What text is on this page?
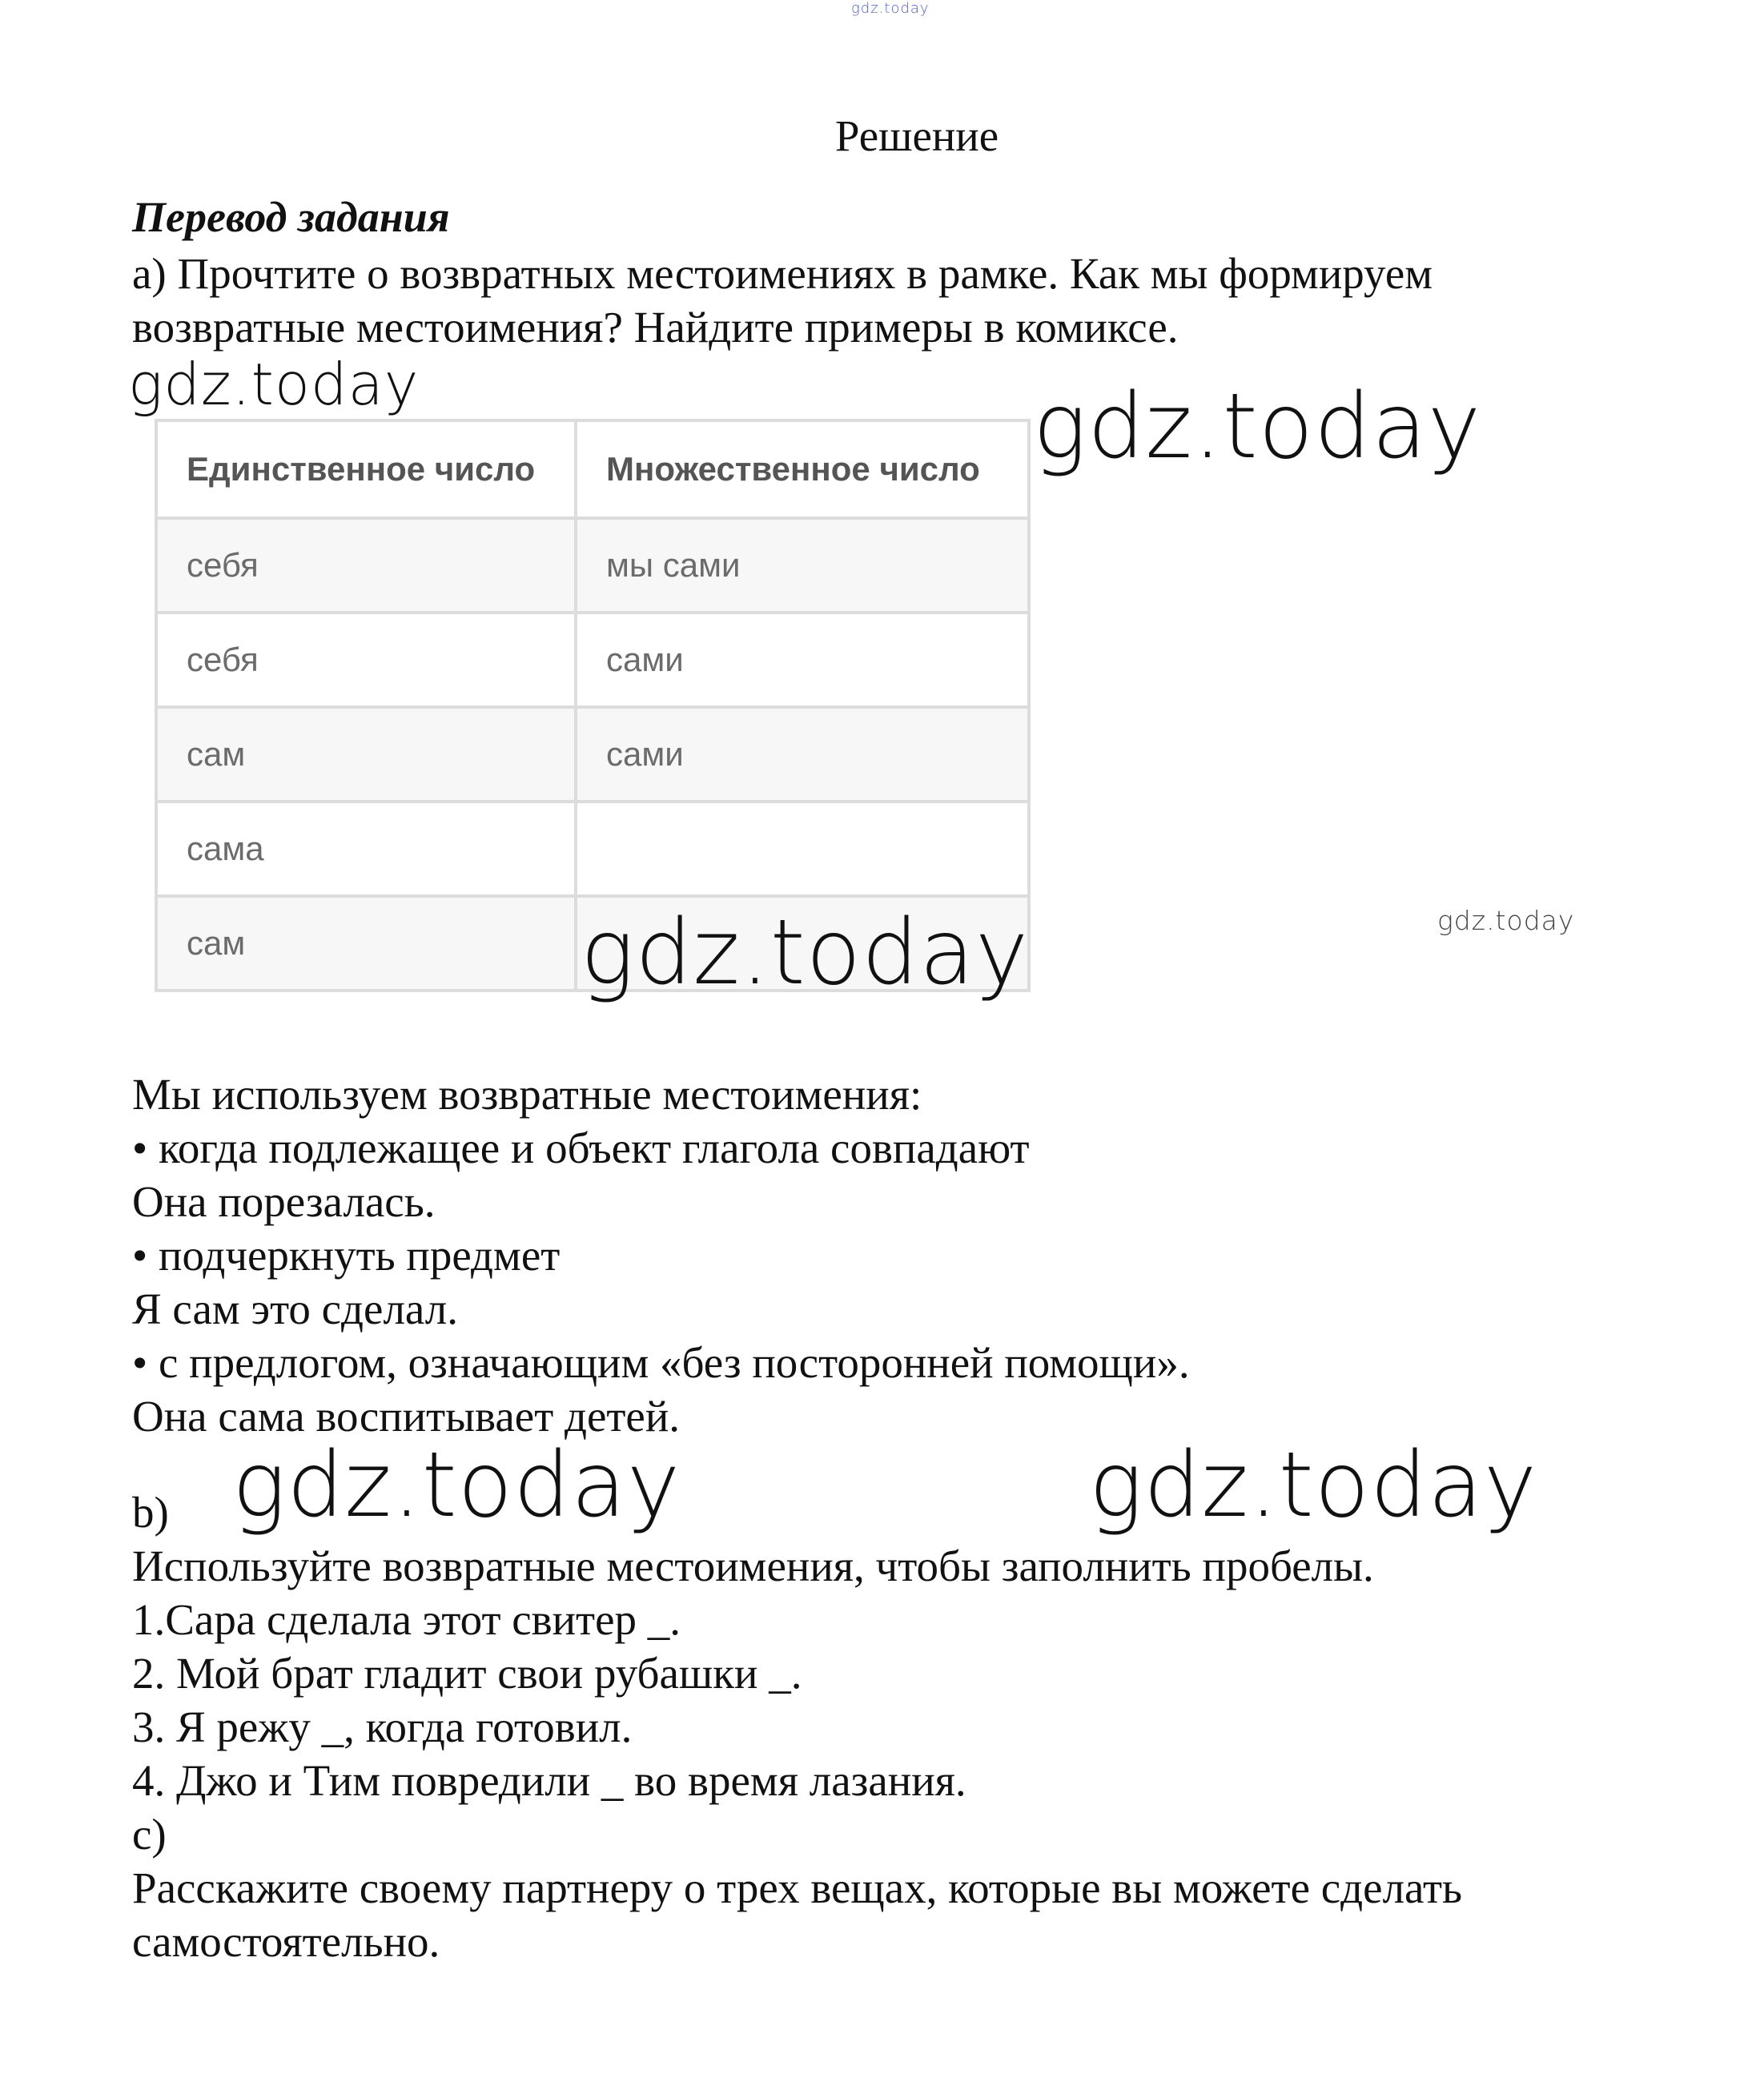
gdz.today
Решение
Перевод задания
a) Прочтите о возвратных местоимениях в рамке. Как мы формируем
возвратные местоимения? Найдите примеры в комиксе.
gdz.today	gdz.today
Единственное число	Множественное число
себя	мы сами
себя	сами
сам	сами
сама	
сам		gdz.today	gdz.today
Мы используем возвратные местоимения:
• когда подлежащее и объект глагола совпадают
Она порезалась.
• подчеркнуть предмет
Я сам это сделал.
• с предлогом, означающим «без посторонней помощи».
Она сама воспитывает детей.
gdz.today	gdz.today
b)
Используйте возвратные местоимения, чтобы заполнить пробелы.
1.Сара сделала этот свитер _.
2. Мой брат гладит свои рубашки _.
3. Я режу _, когда готовил.
4. Джо и Тим повредили _ во время лазания.
c)
Расскажите своему партнеру о трех вещах, которые вы можете сделать
самостоятельно.
